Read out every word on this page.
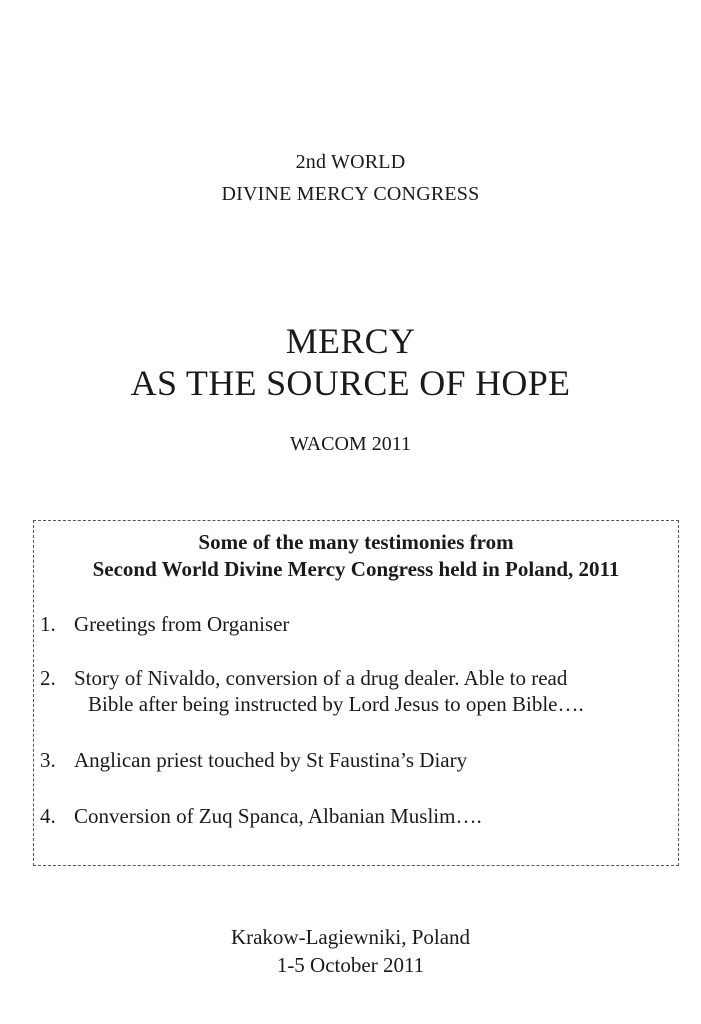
2nd WORLD
DIVINE MERCY CONGRESS
MERCY
AS THE SOURCE OF HOPE
WACOM 2011
Some of the many testimonies from
Second World Divine Mercy Congress held in Poland, 2011
1. Greetings from Organiser
2. Story of Nivaldo, conversion of a drug dealer. Able to read
Bible after being instructed by Lord Jesus to open Bible….
3. Anglican priest touched by St Faustina’s Diary
4. Conversion of Zuq Spanca, Albanian Muslim….
Krakow-Lagiewniki, Poland
1-5 October 2011
